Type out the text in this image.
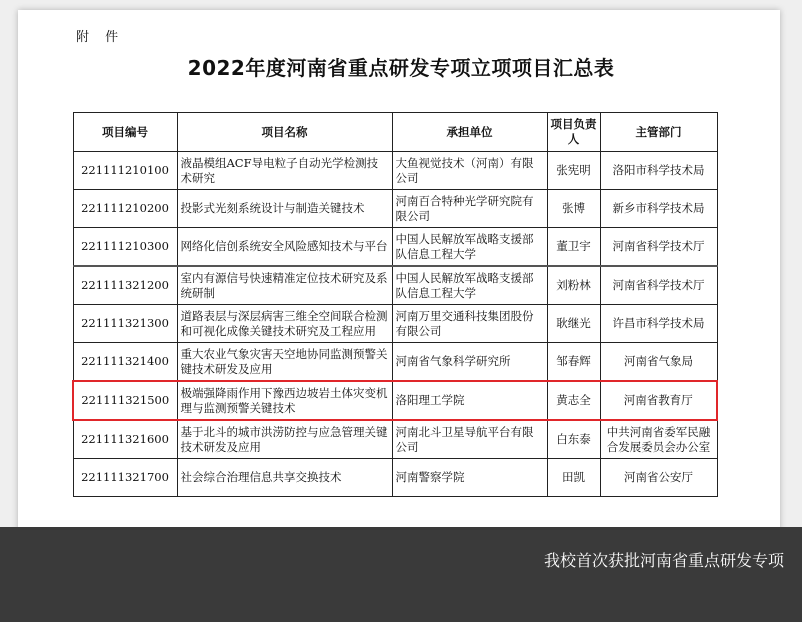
附 件
2022年度河南省重点研发专项立项项目汇总表
项目编号	项目名称	承担单位	项目负责人	主管部门
221111210100	液晶模组ACF导电粒子自动光学检测技术研究	大鱼视觉技术（河南）有限公司	张宪明	洛阳市科学技术局
221111210200	投影式光刻系统设计与制造关键技术	河南百合特种光学研究院有限公司	张博	新乡市科学技术局
221111210300	网络化信创系统安全风险感知技术与平台	中国人民解放军战略支援部队信息工程大学	董卫宇	河南省科学技术厅
221111321200	室内有源信号快速精准定位技术研究及系统研制	中国人民解放军战略支援部队信息工程大学	刘粉林	河南省科学技术厅
221111321300	道路表层与深层病害三维全空间联合检测和可视化成像关键技术研究及工程应用	河南万里交通科技集团股份有限公司	耿继光	许昌市科学技术局
221111321400	重大农业气象灾害天空地协同监测预警关键技术研发及应用	河南省气象科学研究所	邹春辉	河南省气象局
221111321500	极端强降雨作用下豫西边坡岩土体灾变机理与监测预警关键技术	洛阳理工学院	黄志全	河南省教育厅
221111321600	基于北斗的城市洪涝防控与应急管理关键技术研发及应用	河南北斗卫星导航平台有限公司	白东泰	中共河南省委军民融合发展委员会办公室
221111321700	社会综合治理信息共享交换技术	河南警察学院	田凯	河南省公安厅
我校首次获批河南省重点研发专项
